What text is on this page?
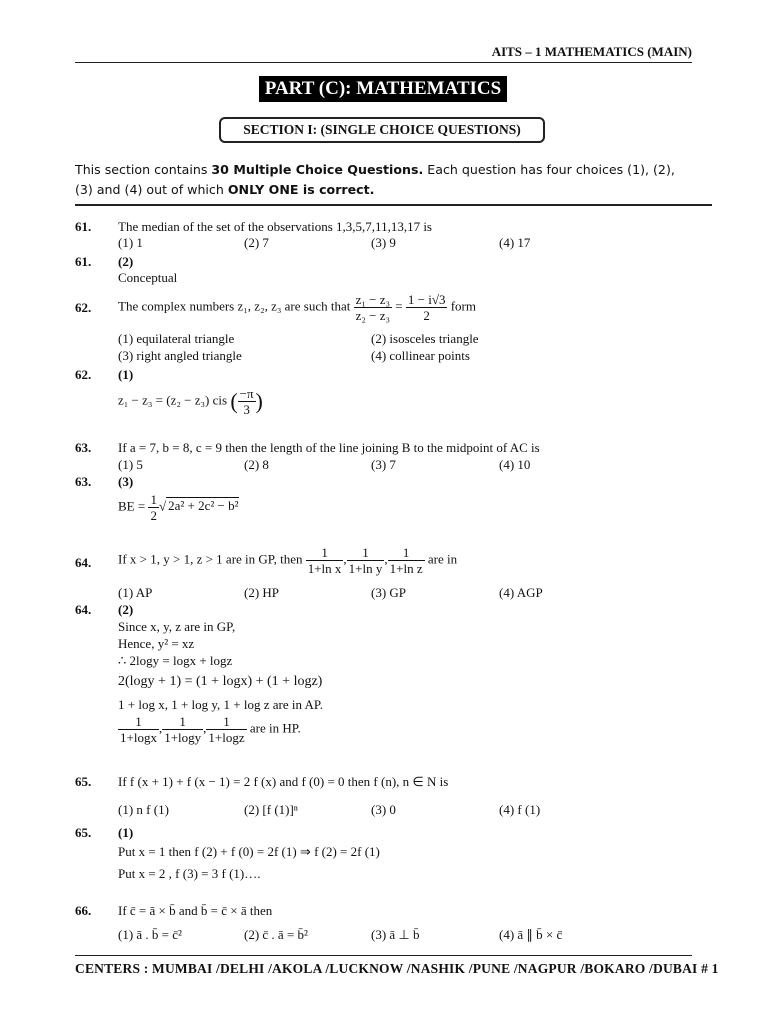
AITS – 1 MATHEMATICS (MAIN)
PART (C): MATHEMATICS
SECTION I: (SINGLE CHOICE QUESTIONS)
This section contains 30 Multiple Choice Questions. Each question has four choices (1), (2), (3) and (4) out of which ONLY ONE is correct.
61. The median of the set of the observations 1,3,5,7,11,13,17 is
(1) 1	(2) 7	(3) 9	(4) 17
61. (2)
Conceptual
62. The complex numbers z₁, z₂, z₃ are such that $\frac{\text{z₁ − z₃}}{\text{z₂ − z₃}} = \frac{1 - i√3}{2}$ form
(1) equilateral triangle	(2) isosceles triangle
(3) right angled triangle	(4) collinear points
62. (1)
z₁ − z₃ = (z₂ − z₃) cis ( $\frac{-\pi}{3}$ )
63. If a = 7, b = 8, c = 9 then the length of the line joining B to the midpoint of AC is
(1) 5	(2) 8	(3) 7	(4) 10
63. (3)
BE = $\frac{1}{2}$ √ 2a² + 2c² − b²
64. If x > 1, y > 1, z > 1 are in GP, then $\frac{1}{\text{1+ln x}}$ , $\frac{1}{\text{1+ln y}}$ , $\frac{1}{\text{1+ln z}}$ are in
(1) AP	(2) HP	(3) GP	(4) AGP
64. (2)
Since x, y, z are in GP,
Hence, y² = xz
∴ 2logy = logx + logz
2(logy + 1) = (1 + logx) + (1 + logz)
1 + log x, 1 + log y, 1 + log z are in AP.
$\frac{1}{1+\log x}$ , $\frac{1}{1+\log y}$ , $\frac{1}{1+\log z}$ are in HP.
65. If f (x + 1) + f (x − 1) = 2 f (x) and f (0) = 0 then f (n), n ∈ N is
(1) n f (1)	(2) [f (1)]ⁿ	(3) 0	(4) f (1)
65. (1)
Put x = 1 then f (2) + f (0) = 2f (1) ⇒ f (2) = 2f (1)
Put x = 2 , f (3) = 3 f (1)….
66. If c̄ = ā × b̄ and b̄ = c̄ × ā then
(1) ā . b̄ = c̄²	(2) c̄ . ā = b̄²	(3) ā ⊥ b̄	(4) ā ∥ b̄ × c̄
CENTERS : MUMBAI /DELHI /AKOLA /LUCKNOW /NASHIK /PUNE /NAGPUR /BOKARO /DUBAI # 1
